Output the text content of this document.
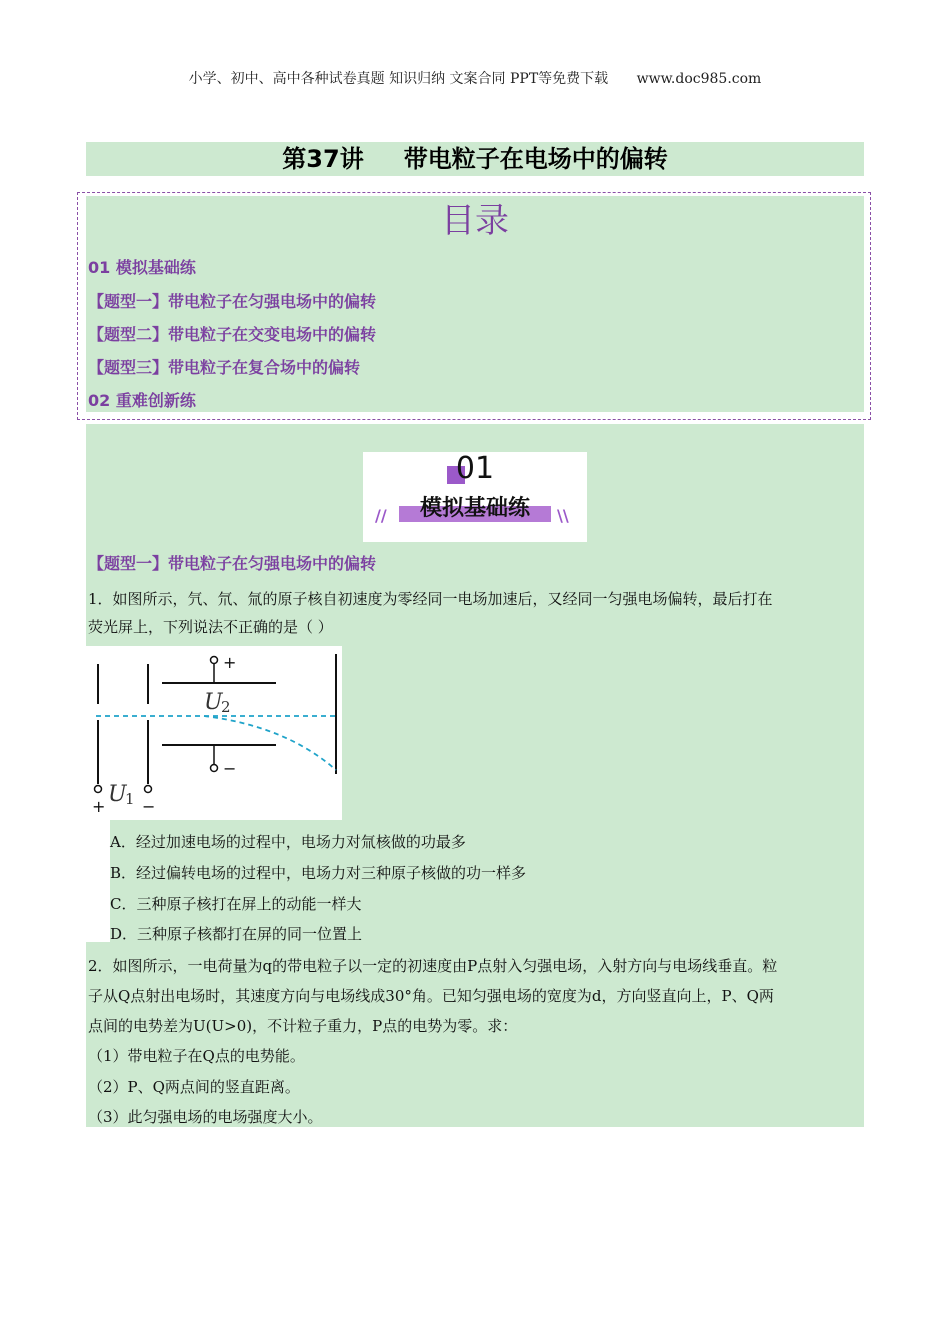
小学、初中、高中各种试卷真题 知识归纳 文案合同 PPT等免费下载 www.doc985.com
第37讲 带电粒子在电场中的偏转
目录
01 模拟基础练
【题型一】带电粒子在匀强电场中的偏转
【题型二】带电粒子在交变电场中的偏转
【题型三】带电粒子在复合场中的偏转
02 重难创新练
01
模拟基础练
//	\\
【题型一】带电粒子在匀强电场中的偏转
1．如图所示，氕、氘、氚的原子核自初速度为零经同一电场加速后，又经同一匀强电场偏转，最后打在
荧光屏上，下列说法不正确的是（ ）
+
−
U
2
U
1
+ −
A．经过加速电场的过程中，电场力对氚核做的功最多
B．经过偏转电场的过程中，电场力对三种原子核做的功一样多
C．三种原子核打在屏上的动能一样大
D．三种原子核都打在屏的同一位置上
2．如图所示，一电荷量为q的带电粒子以一定的初速度由P点射入匀强电场，入射方向与电场线垂直。粒
子从Q点射出电场时，其速度方向与电场线成30°角。已知匀强电场的宽度为d，方向竖直向上，P、Q两
点间的电势差为U(U>0)，不计粒子重力，P点的电势为零。求：
（1）带电粒子在Q点的电势能。
（2）P、Q两点间的竖直距离。
（3）此匀强电场的电场强度大小。
